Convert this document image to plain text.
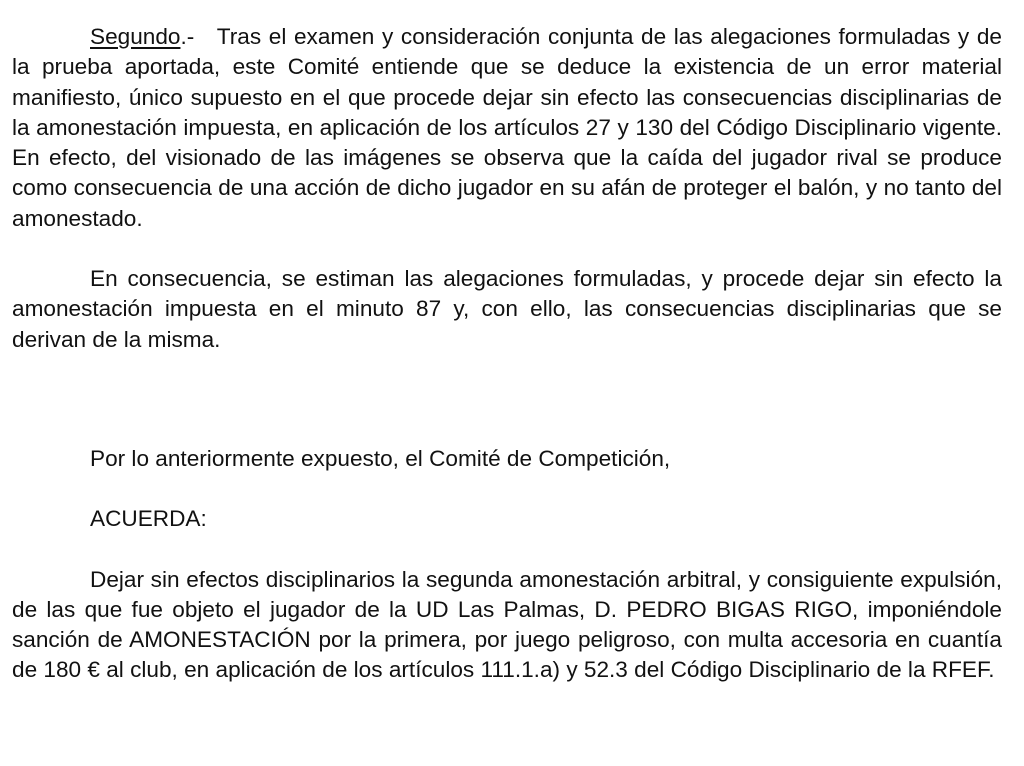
Segundo.-   Tras el examen y consideración conjunta de las alegaciones formuladas y de la prueba aportada, este Comité entiende que se deduce la existencia de un error material manifiesto, único supuesto en el que procede dejar sin efecto las consecuencias disciplinarias de la amonestación impuesta, en aplicación de los artículos 27 y 130 del Código Disciplinario vigente. En efecto, del visionado de las imágenes se observa que la caída del jugador rival se produce como consecuencia de una acción de dicho jugador en su afán de proteger el balón, y no tanto del amonestado.

En consecuencia, se estiman las alegaciones formuladas, y procede dejar sin efecto la amonestación impuesta en el minuto 87 y, con ello, las consecuencias disciplinarias que se derivan de la misma.

Por lo anteriormente expuesto, el Comité de Competición,

ACUERDA:

Dejar sin efectos disciplinarios la segunda amonestación arbitral, y consiguiente expulsión, de las que fue objeto el jugador de la UD Las Palmas, D. PEDRO BIGAS RIGO, imponiéndole sanción de AMONESTACIÓN por la primera, por juego peligroso, con multa accesoria en cuantía de 180 € al club, en aplicación de los artículos 111.1.a) y 52.3 del Código Disciplinario de la RFEF.
